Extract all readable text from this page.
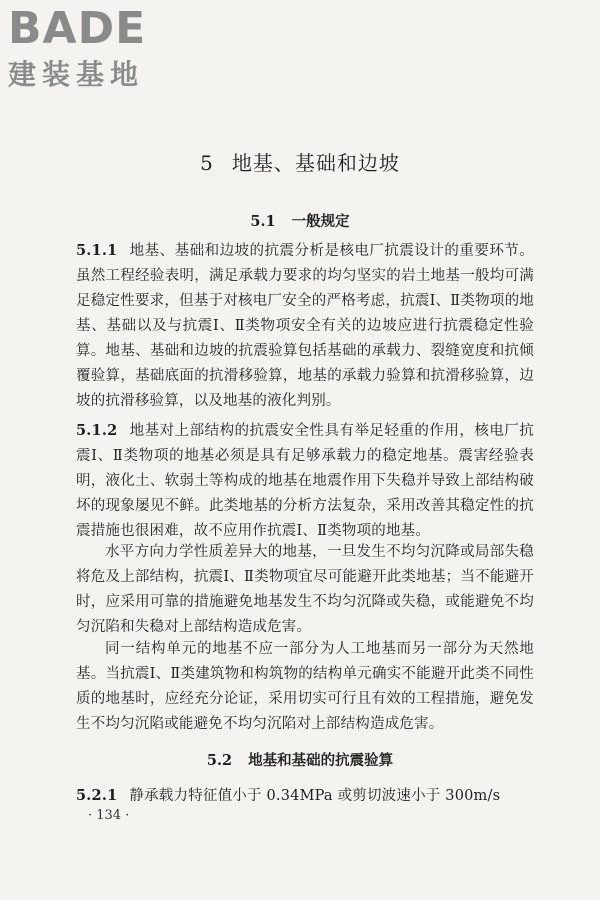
BADE
建装基地
5 地基、基础和边坡
5.1 一般规定
5.1.1 地基、基础和边坡的抗震分析是核电厂抗震设计的重要环节。虽然工程经验表明，满足承载力要求的均匀坚实的岩土地基一般均可满足稳定性要求，但基于对核电厂安全的严格考虑，抗震Ⅰ、Ⅱ类物项的地基、基础以及与抗震Ⅰ、Ⅱ类物项安全有关的边坡应进行抗震稳定性验算。地基、基础和边坡的抗震验算包括基础的承载力、裂缝宽度和抗倾覆验算，基础底面的抗滑移验算，地基的承载力验算和抗滑移验算，边坡的抗滑移验算，以及地基的液化判别。
5.1.2 地基对上部结构的抗震安全性具有举足轻重的作用，核电厂抗震Ⅰ、Ⅱ类物项的地基必须是具有足够承载力的稳定地基。震害经验表明，液化土、软弱土等构成的地基在地震作用下失稳并导致上部结构破坏的现象屡见不鲜。此类地基的分析方法复杂，采用改善其稳定性的抗震措施也很困难，故不应用作抗震Ⅰ、Ⅱ类物项的地基。
水平方向力学性质差异大的地基，一旦发生不均匀沉降或局部失稳将危及上部结构，抗震Ⅰ、Ⅱ类物项宜尽可能避开此类地基；当不能避开时，应采用可靠的措施避免地基发生不均匀沉降或失稳，或能避免不均匀沉陷和失稳对上部结构造成危害。
同一结构单元的地基不应一部分为人工地基而另一部分为天然地基。当抗震Ⅰ、Ⅱ类建筑物和构筑物的结构单元确实不能避开此类不同性质的地基时，应经充分论证，采用切实可行且有效的工程措施，避免发生不均匀沉陷或能避免不均匀沉陷对上部结构造成危害。
5.2 地基和基础的抗震验算
5.2.1 静承载力特征值小于 0.34MPa 或剪切波速小于 300m/s
· 134 ·
